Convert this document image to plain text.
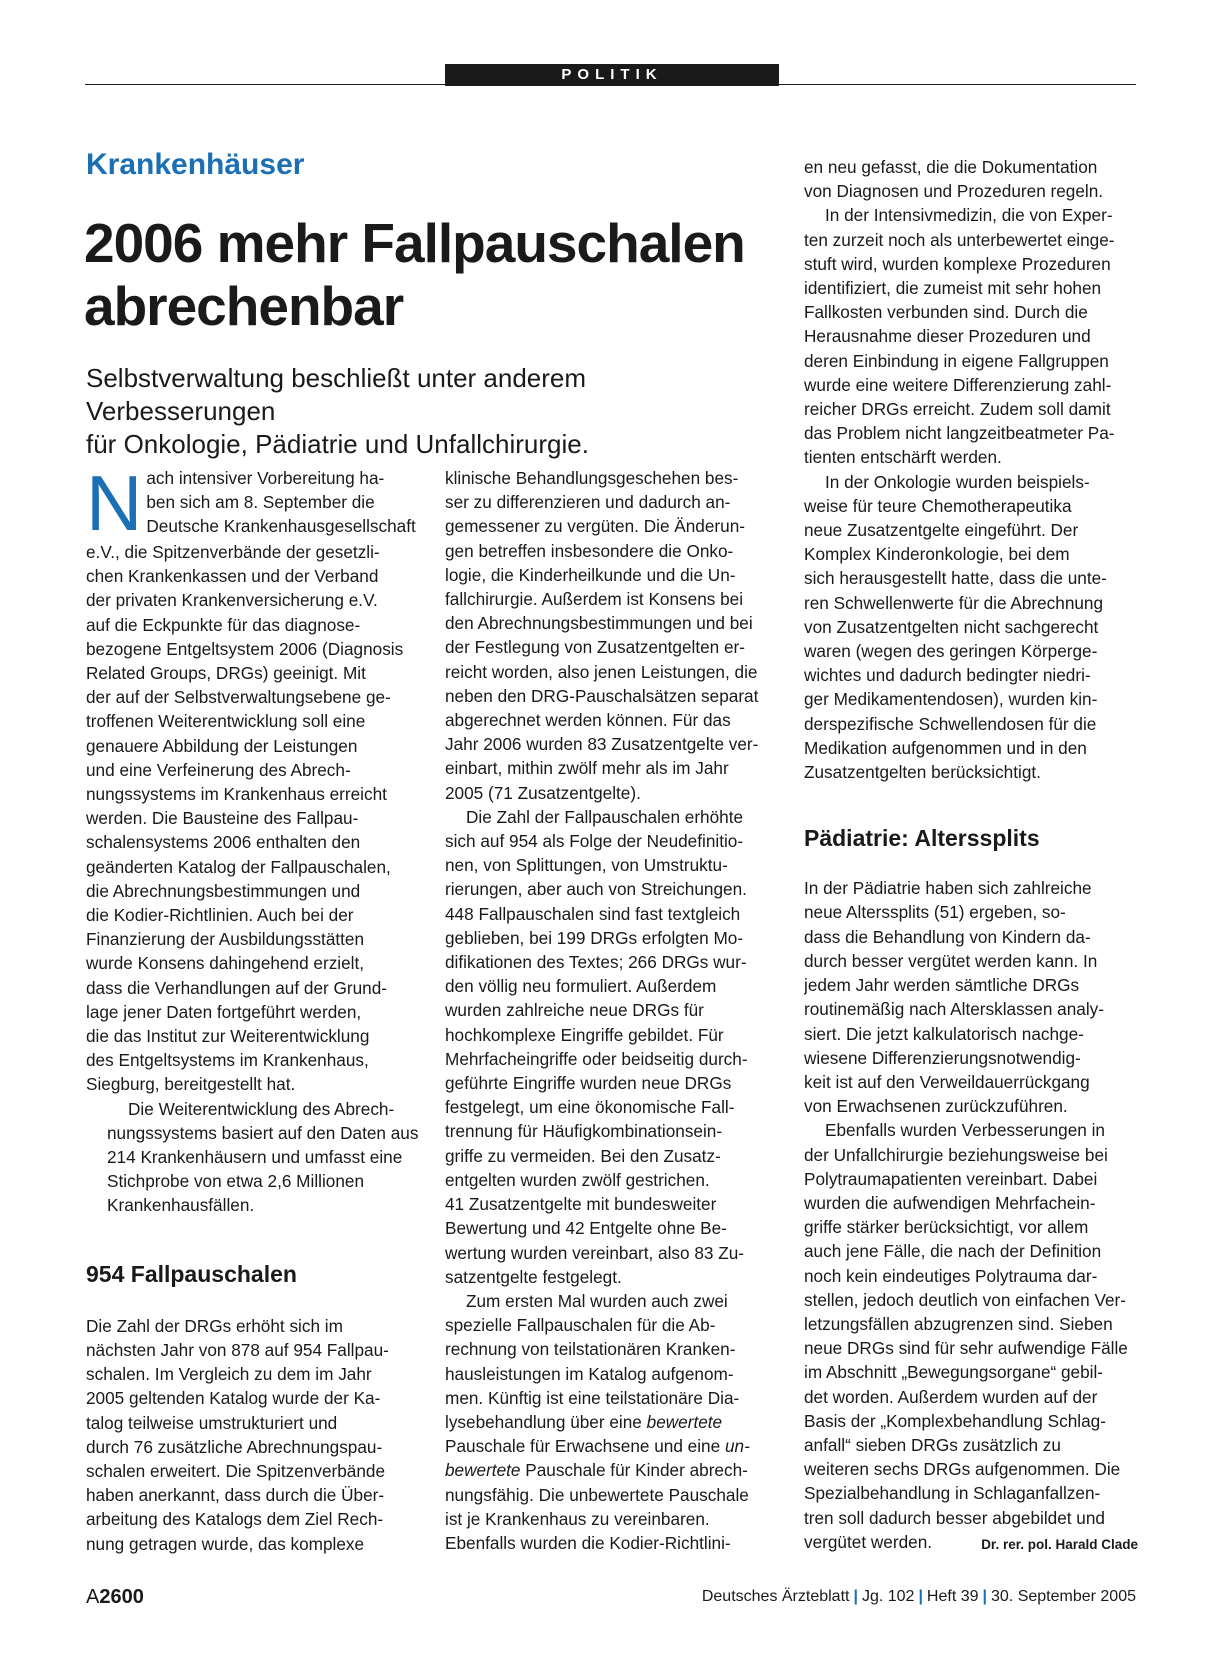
POLITIK
Krankenhäuser
2006 mehr Fallpauschalen
abrechenbar
Selbstverwaltung beschließt unter anderem Verbesserungen
für Onkologie, Pädiatrie und Unfallchirurgie.
N ach intensiver Vorbereitung ha-
ben sich am 8. September die
Deutsche Krankenhausgesellschaft
e.V., die Spitzenverbände der gesetzli-
chen Krankenkassen und der Verband
der privaten Krankenversicherung e.V.
auf die Eckpunkte für das diagnose-
bezogene Entgeltsystem 2006 (Diagnosis
Related Groups, DRGs) geeinigt. Mit
der auf der Selbstverwaltungsebene ge-
troffenen Weiterentwicklung soll eine
genauere Abbildung der Leistungen
und eine Verfeinerung des Abrech-
nungssystems im Krankenhaus erreicht
werden. Die Bausteine des Fallpau-
schalensystems 2006 enthalten den
geänderten Katalog der Fallpauschalen,
die Abrechnungsbestimmungen und
die Kodier-Richtlinien. Auch bei der
Finanzierung der Ausbildungsstätten
wurde Konsens dahingehend erzielt,
dass die Verhandlungen auf der Grund-
lage jener Daten fortgeführt werden,
die das Institut zur Weiterentwicklung
des Entgeltsystems im Krankenhaus,
Siegburg, bereitgestellt hat.
Die Weiterentwicklung des Abrech-
nungssystems basiert auf den Daten aus
214 Krankenhäusern und umfasst eine
Stichprobe von etwa 2,6 Millionen
Krankenhausfällen.
954 Fallpauschalen
Die Zahl der DRGs erhöht sich im
nächsten Jahr von 878 auf 954 Fallpau-
schalen. Im Vergleich zu dem im Jahr
2005 geltenden Katalog wurde der Ka-
talog teilweise umstrukturiert und
durch 76 zusätzliche Abrechnungspau-
schalen erweitert. Die Spitzenverbände
haben anerkannt, dass durch die Über-
arbeitung des Katalogs dem Ziel Rech-
nung getragen wurde, das komplexe
klinische Behandlungsgeschehen bes-
ser zu differenzieren und dadurch an-
gemessener zu vergüten. Die Änderun-
gen betreffen insbesondere die Onko-
logie, die Kinderheilkunde und die Un-
fallchirurgie. Außerdem ist Konsens bei
den Abrechnungsbestimmungen und bei
der Festlegung von Zusatzentgelten er-
reicht worden, also jenen Leistungen, die
neben den DRG-Pauschalsätzen separat
abgerechnet werden können. Für das
Jahr 2006 wurden 83 Zusatzentgelte ver-
einbart, mithin zwölf mehr als im Jahr
2005 (71 Zusatzentgelte).
Die Zahl der Fallpauschalen erhöhte
sich auf 954 als Folge der Neudefinitio-
nen, von Splittungen, von Umstruktu-
rierungen, aber auch von Streichungen.
448 Fallpauschalen sind fast textgleich
geblieben, bei 199 DRGs erfolgten Mo-
difikationen des Textes; 266 DRGs wur-
den völlig neu formuliert. Außerdem
wurden zahlreiche neue DRGs für
hochkomplexe Eingriffe gebildet. Für
Mehrfacheingriffe oder beidseitig durch-
geführte Eingriffe wurden neue DRGs
festgelegt, um eine ökonomische Fall-
trennung für Häufigkombinationsein-
griffe zu vermeiden. Bei den Zusatz-
entgelten wurden zwölf gestrichen.
41 Zusatzentgelte mit bundesweiter
Bewertung und 42 Entgelte ohne Be-
wertung wurden vereinbart, also 83 Zu-
satzentgelte festgelegt.
Zum ersten Mal wurden auch zwei
spezielle Fallpauschalen für die Ab-
rechnung von teilstationären Kranken-
hausleistungen im Katalog aufgenom-
men. Künftig ist eine teilstationäre Dia-
lysebehandlung über eine bewertete
Pauschale für Erwachsene und eine un-
bewertete Pauschale für Kinder abrech-
nungsfähig. Die unbewertete Pauschale
ist je Krankenhaus zu vereinbaren.
Ebenfalls wurden die Kodier-Richtlini-
en neu gefasst, die die Dokumentation
von Diagnosen und Prozeduren regeln.
In der Intensivmedizin, die von Exper-
ten zurzeit noch als unterbewertet einge-
stuft wird, wurden komplexe Prozeduren
identifiziert, die zumeist mit sehr hohen
Fallkosten verbunden sind. Durch die
Herausnahme dieser Prozeduren und
deren Einbindung in eigene Fallgruppen
wurde eine weitere Differenzierung zahl-
reicher DRGs erreicht. Zudem soll damit
das Problem nicht langzeitbeatmeter Pa-
tienten entschärft werden.
In der Onkologie wurden beispiels-
weise für teure Chemotherapeutika
neue Zusatzentgelte eingeführt. Der
Komplex Kinderonkologie, bei dem
sich herausgestellt hatte, dass die unte-
ren Schwellenwerte für die Abrechnung
von Zusatzentgelten nicht sachgerecht
waren (wegen des geringen Körperge-
wichtes und dadurch bedingter niedri-
ger Medikamentendosen), wurden kin-
derspezifische Schwellendosen für die
Medikation aufgenommen und in den
Zusatzentgelten berücksichtigt.
Pädiatrie: Alterssplits
In der Pädiatrie haben sich zahlreiche
neue Alterssplits (51) ergeben, so-
dass die Behandlung von Kindern da-
durch besser vergütet werden kann. In
jedem Jahr werden sämtliche DRGs
routinemäßig nach Altersklassen analy-
siert. Die jetzt kalkulatorisch nachge-
wiesene Differenzierungsnotwendig-
keit ist auf den Verweildauerrückgang
von Erwachsenen zurückzuführen.
Ebenfalls wurden Verbesserungen in
der Unfallchirurgie beziehungsweise bei
Polytraumapatienten vereinbart. Dabei
wurden die aufwendigen Mehrfachein-
griffe stärker berücksichtigt, vor allem
auch jene Fälle, die nach der Definition
noch kein eindeutiges Polytrauma dar-
stellen, jedoch deutlich von einfachen Ver-
letzungsfällen abzugrenzen sind. Sieben
neue DRGs sind für sehr aufwendige Fälle
im Abschnitt „Bewegungsorgane“ gebil-
det worden. Außerdem wurden auf der
Basis der „Komplexbehandlung Schlag-
anfall“ sieben DRGs zusätzlich zu
weiteren sechs DRGs aufgenommen. Die
Spezialbehandlung in Schlaganfallzen-
tren soll dadurch besser abgebildet und
vergütet werden.	Dr. rer. pol. Harald Clade
A2600	Deutsches Ärzteblatt | Jg. 102 | Heft 39 | 30. September 2005
